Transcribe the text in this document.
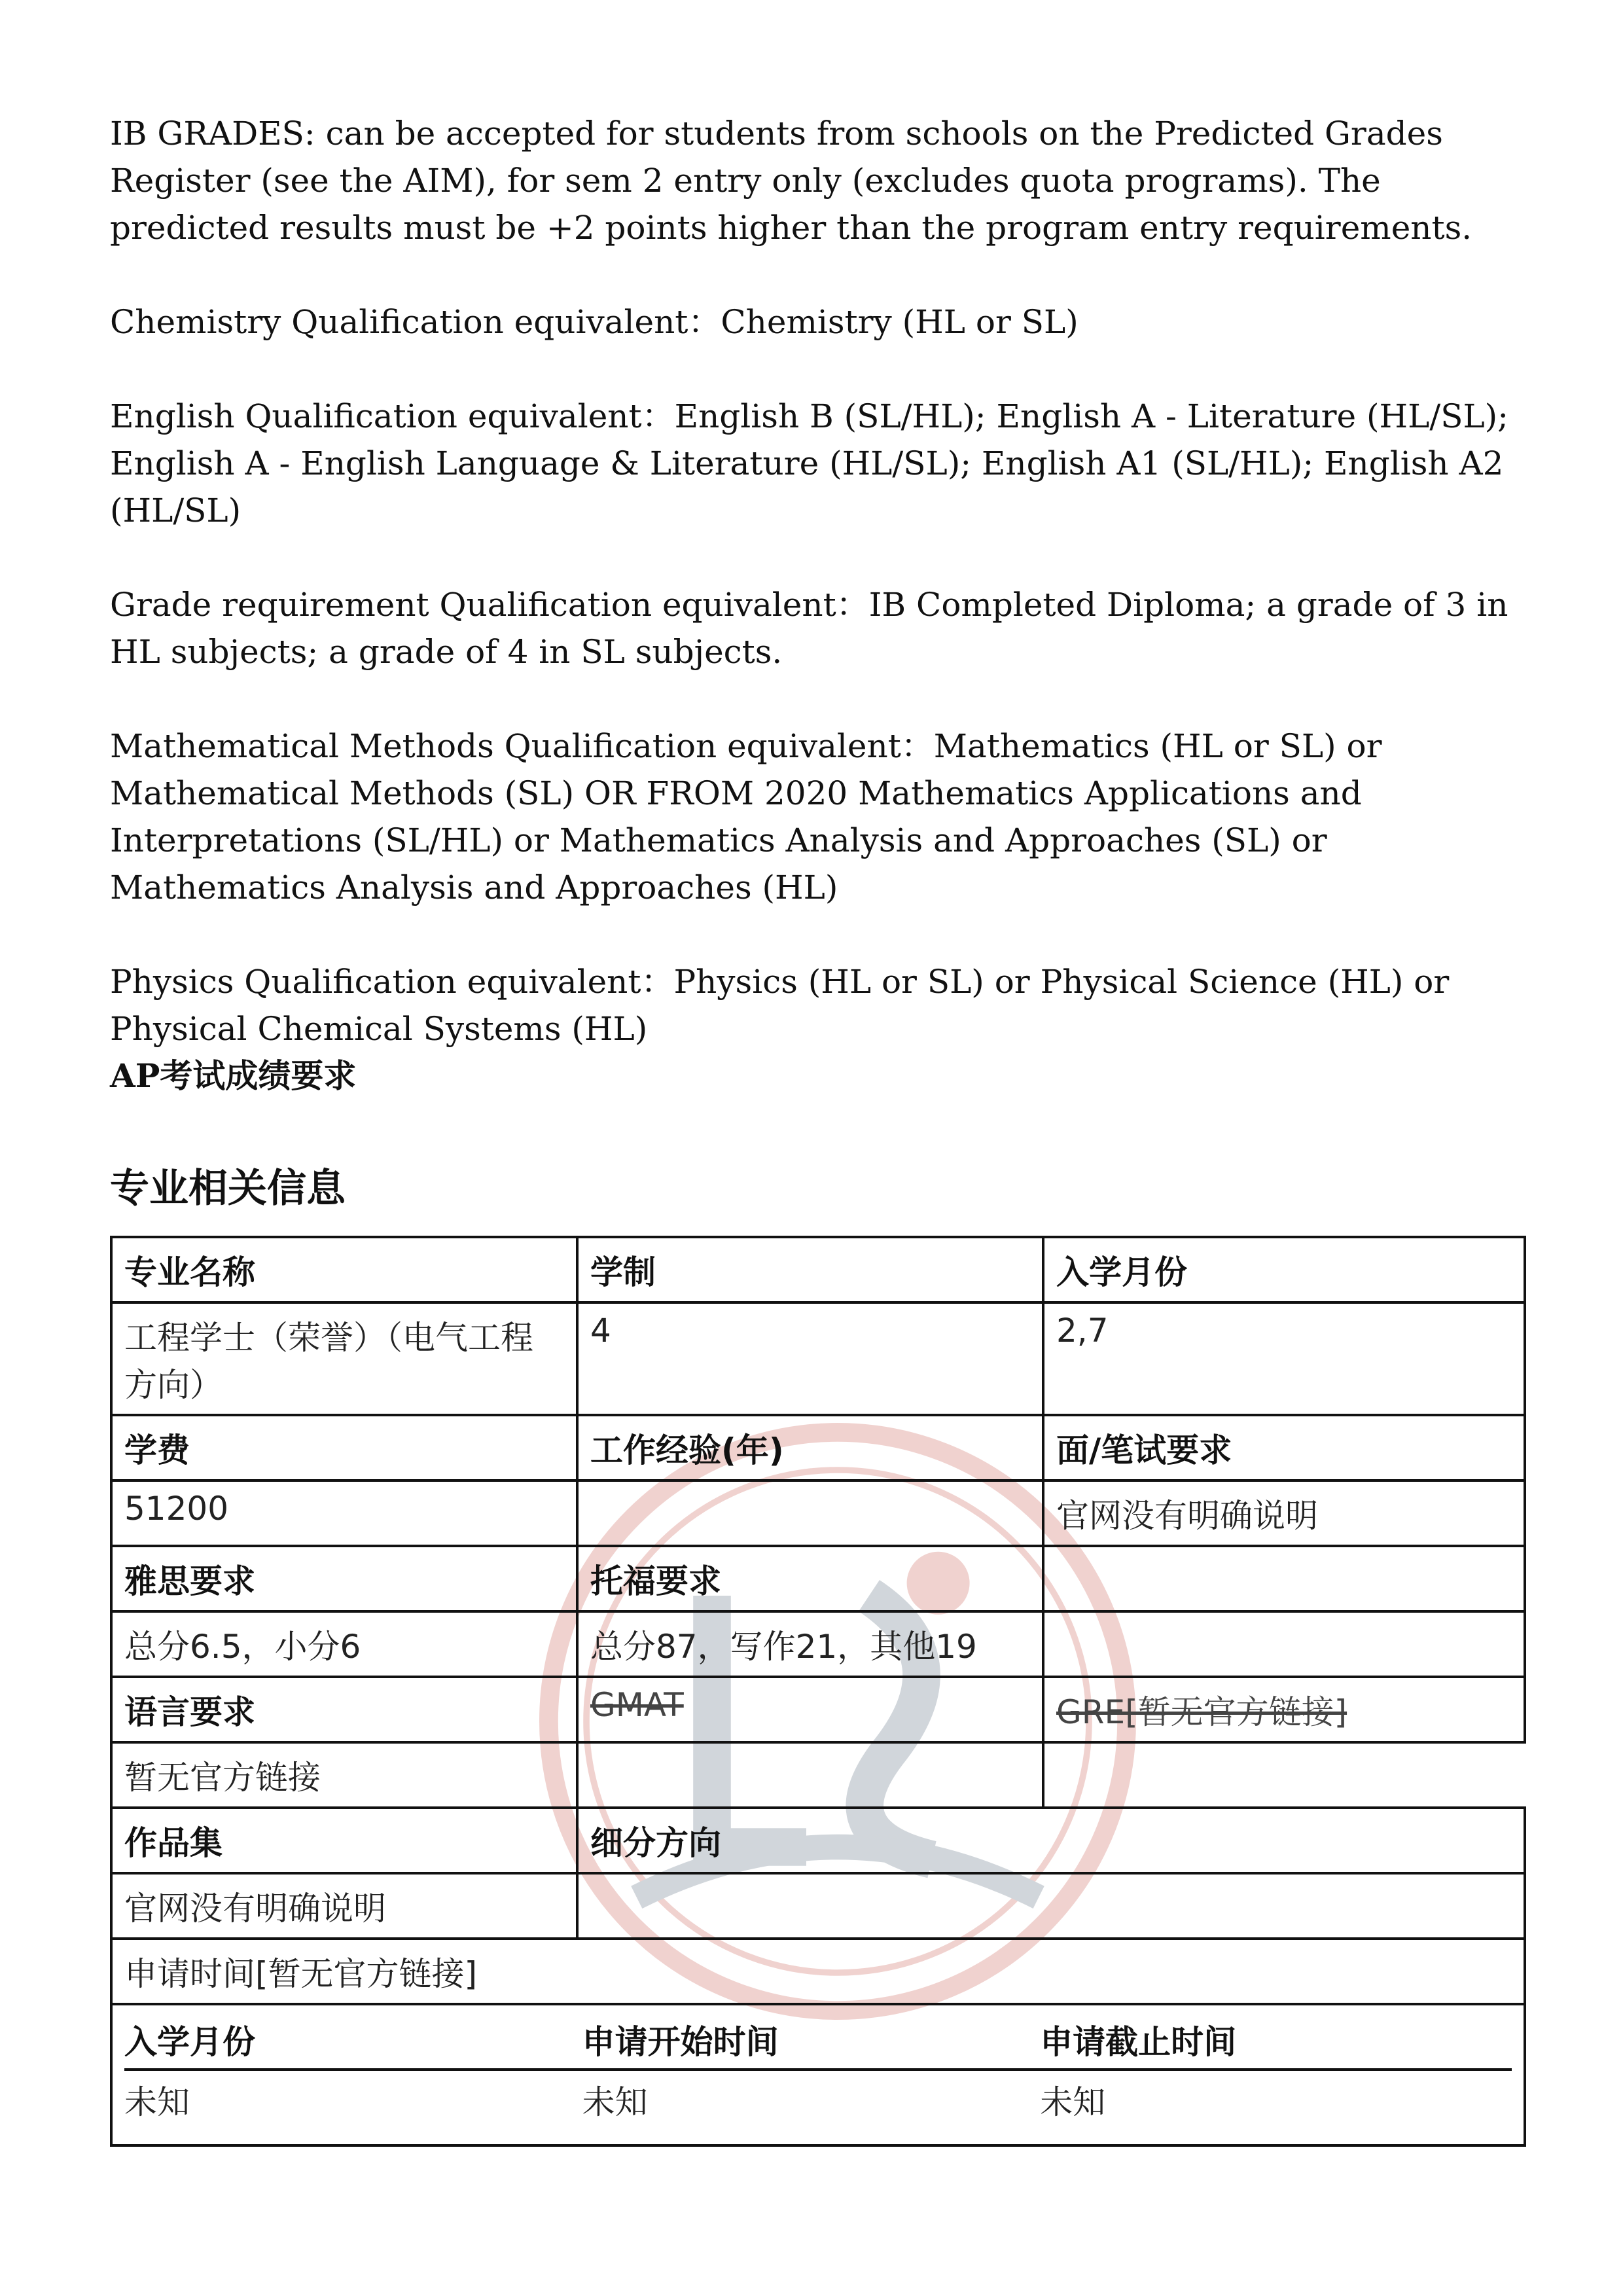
IB GRADES: can be accepted for students from schools on the Predicted Grades Register (see the AIM), for sem 2 entry only (excludes quota programs). The predicted results must be +2 points higher than the program entry requirements.

Chemistry Qualification equivalent：Chemistry (HL or SL)

English Qualification equivalent：English B (SL/HL); English A - Literature (HL/SL); English A - English Language & Literature (HL/SL); English A1 (SL/HL); English A2 (HL/SL)

Grade requirement Qualification equivalent：IB Completed Diploma; a grade of 3 in HL subjects; a grade of 4 in SL subjects.

Mathematical Methods Qualification equivalent：Mathematics (HL or SL) or Mathematical Methods (SL) OR FROM 2020 Mathematics Applications and Interpretations (SL/HL) or Mathematics Analysis and Approaches (SL) or Mathematics Analysis and Approaches (HL)

Physics Qualification equivalent：Physics (HL or SL) or Physical Science (HL) or Physical Chemical Systems (HL)

AP考试成绩要求
专业相关信息
专业名称	学制	入学月份
工程学士（荣誉）（电气工程方向）	4	2,7
学费	工作经验(年)	面/笔试要求
51200		官网没有明确说明
雅思要求	托福要求	
总分6.5，小分6	总分87，写作21，其他19	
语言要求	GMAT	GRE[暂无官方链接]
暂无官方链接		
作品集	细分方向
官网没有明确说明	
申请时间[暂无官方链接]

入学月份	申请开始时间	申请截止时间
未知	未知	未知
